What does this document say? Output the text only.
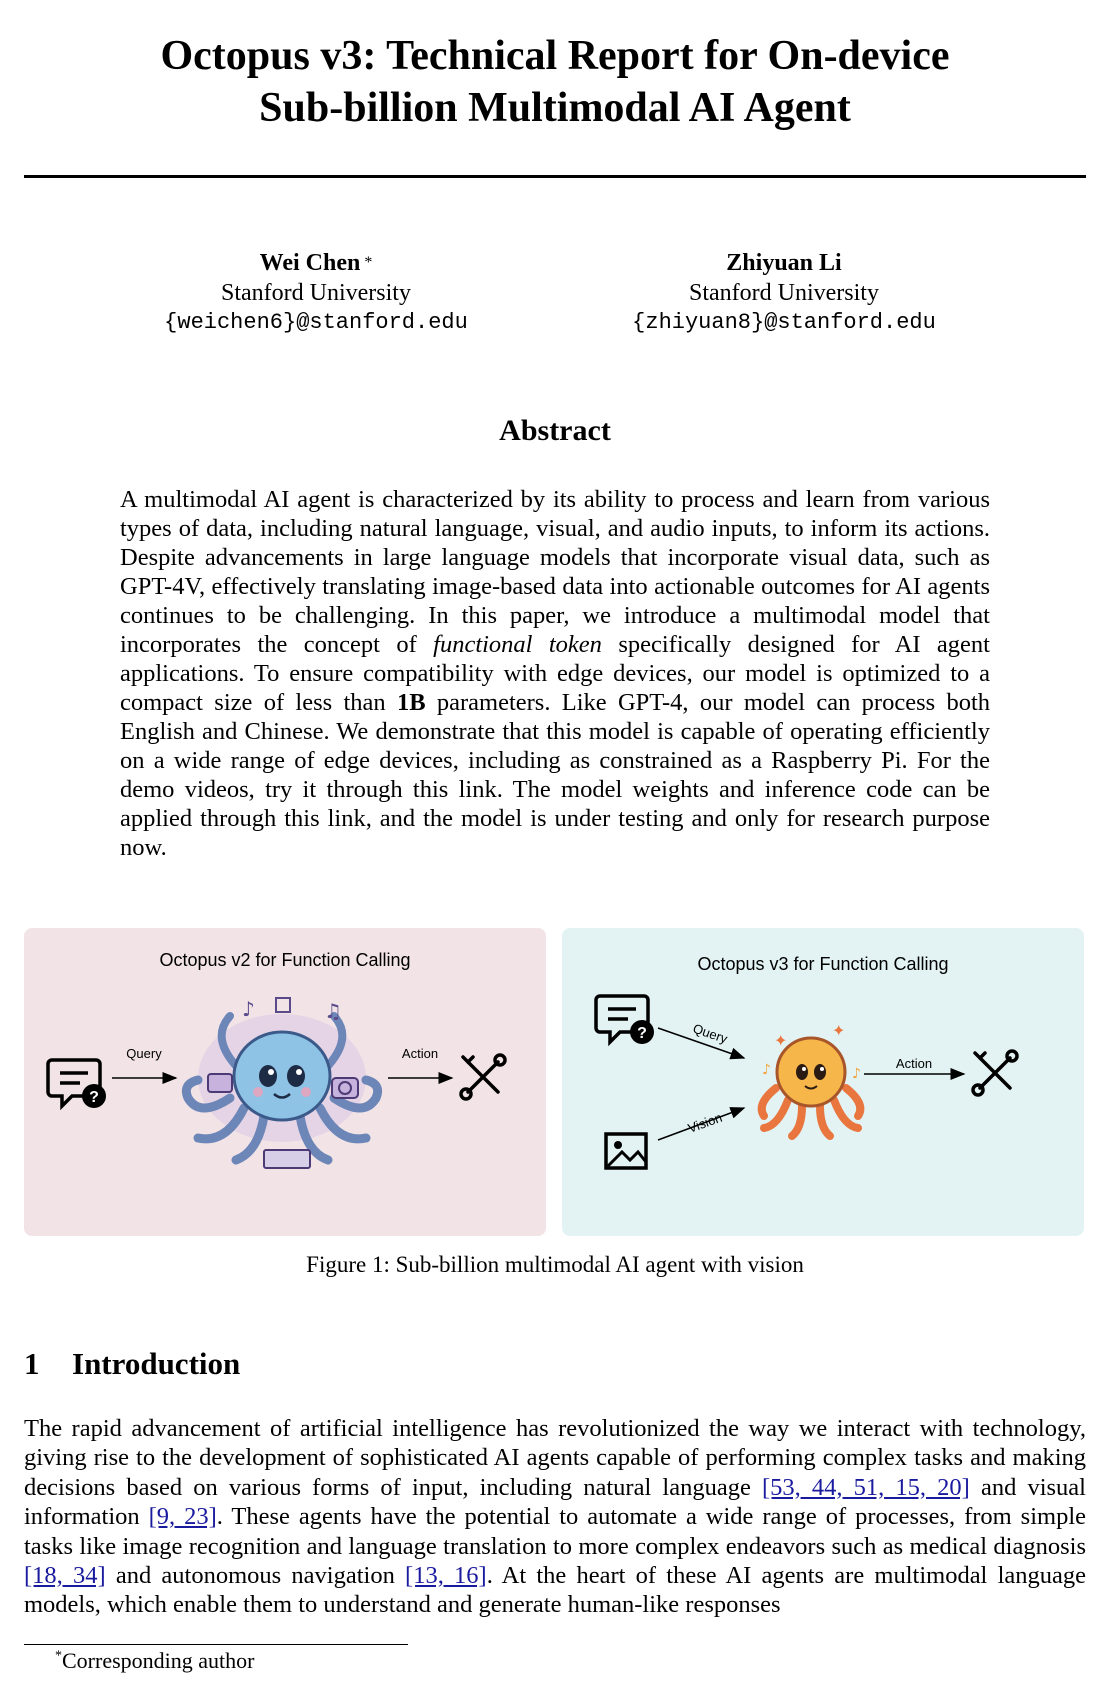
Octopus v3: Technical Report for On-device
Sub-billion Multimodal AI Agent
Wei Chen *
Stanford University
{weichen6}@stanford.edu
Zhiyuan Li
Stanford University
{zhiyuan8}@stanford.edu
Abstract
A multimodal AI agent is characterized by its ability to process and learn from various types of data, including natural language, visual, and audio inputs, to inform its actions. Despite advancements in large language models that incorporate visual data, such as GPT-4V, effectively translating image-based data into actionable outcomes for AI agents continues to be challenging. In this paper, we introduce a multimodal model that incorporates the concept of functional token specifically designed for AI agent applications. To ensure compatibility with edge devices, our model is optimized to a compact size of less than 1B parameters. Like GPT-4, our model can process both English and Chinese. We demonstrate that this model is capable of operating efficiently on a wide range of edge devices, including as constrained as a Raspberry Pi. For the demo videos, try it through this link. The model weights and inference code can be applied through this link, and the model is under testing and only for research purpose now.
Octopus v2 for Function Calling
?
♪	♫
Query	Action
Octopus v3 for Function Calling
?	✦
✦
♪	♪
Query
Vision
Action
Figure 1: Sub-billion multimodal AI agent with vision
1 Introduction
The rapid advancement of artificial intelligence has revolutionized the way we interact with technology, giving rise to the development of sophisticated AI agents capable of performing complex tasks and making decisions based on various forms of input, including natural language [53, 44, 51, 15, 20] and visual information [9, 23]. These agents have the potential to automate a wide range of processes, from simple tasks like image recognition and language translation to more complex endeavors such as medical diagnosis [18, 34] and autonomous navigation [13, 16]. At the heart of these AI agents are multimodal language models, which enable them to understand and generate human-like responses
*Corresponding author
